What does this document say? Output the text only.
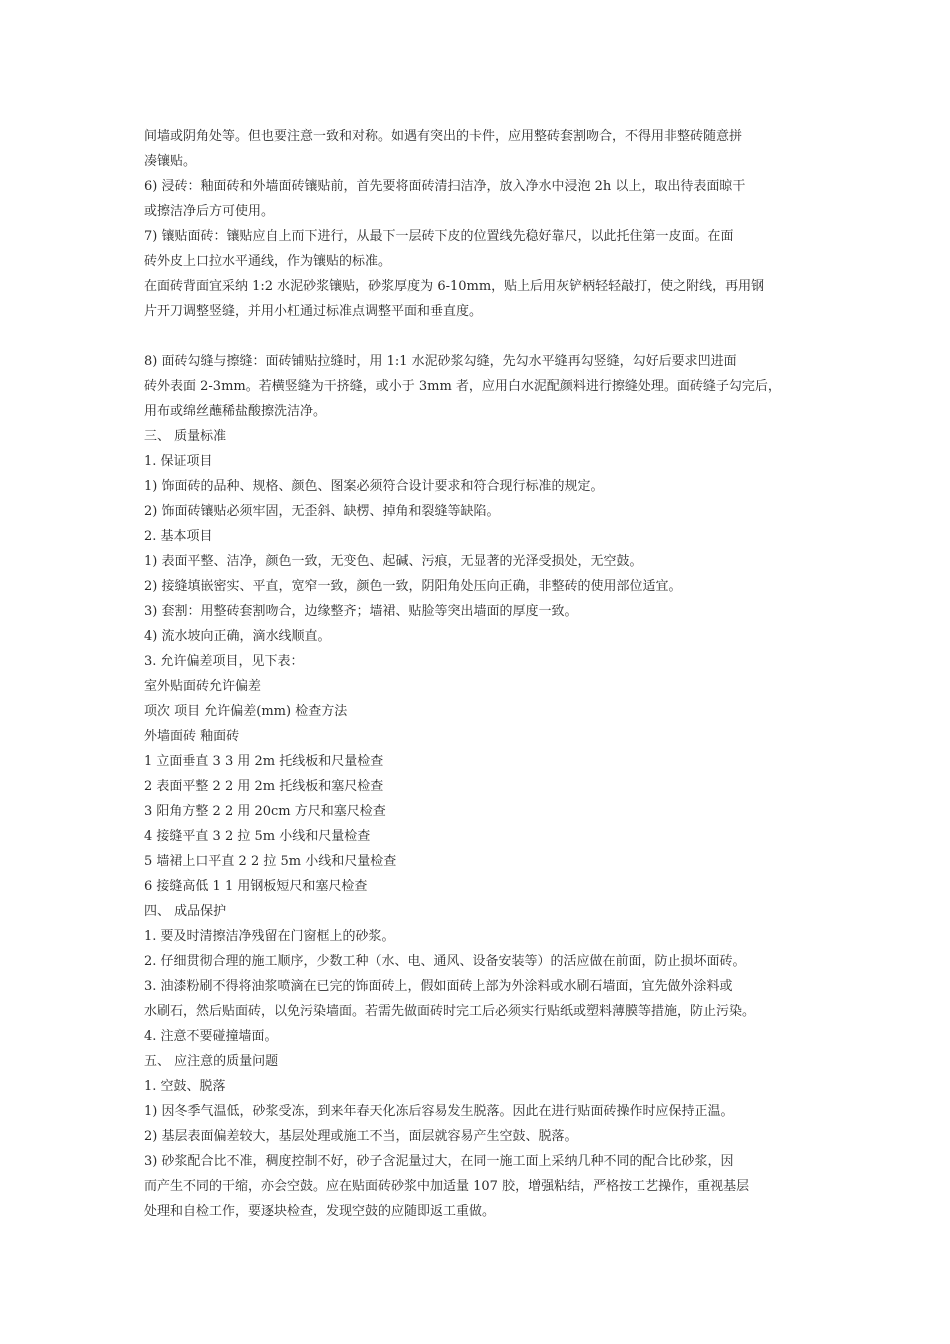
间墙或阴角处等。但也要注意一致和对称。如遇有突出的卡件，应用整砖套割吻合，不得用非整砖随意拼
凑镶贴。
6) 浸砖：釉面砖和外墙面砖镶贴前，首先要将面砖清扫洁净，放入净水中浸泡 2h 以上，取出待表面晾干
或擦洁净后方可使用。
7) 镶贴面砖：镶贴应自上而下进行，从最下一层砖下皮的位置线先稳好靠尺，以此托住第一皮面。在面
砖外皮上口拉水平通线，作为镶贴的标准。
在面砖背面宜采纳 1:2 水泥砂浆镶贴，砂浆厚度为 6-10mm，贴上后用灰铲柄轻轻敲打，使之附线，再用钢
片开刀调整竖缝，并用小杠通过标准点调整平面和垂直度。
8) 面砖勾缝与擦缝：面砖铺贴拉缝时，用 1:1 水泥砂浆勾缝，先勾水平缝再勾竖缝，勾好后要求凹进面
砖外表面 2-3mm。若横竖缝为干挤缝，或小于 3mm 者，应用白水泥配颜料进行擦缝处理。面砖缝子勾完后，
用布或绵丝蘸稀盐酸擦洗洁净。
三、 质量标准
1. 保证项目
1) 饰面砖的品种、规格、颜色、图案必须符合设计要求和符合现行标准的规定。
2) 饰面砖镶贴必须牢固，无歪斜、缺楞、掉角和裂缝等缺陷。
2. 基本项目
1) 表面平整、洁净，颜色一致，无变色、起碱、污痕，无显著的光泽受损处，无空鼓。
2) 接缝填嵌密实、平直，宽窄一致，颜色一致，阴阳角处压向正确，非整砖的使用部位适宜。
3) 套割：用整砖套割吻合，边缘整齐；墙裙、贴脸等突出墙面的厚度一致。
4) 流水坡向正确，滴水线顺直。
3. 允许偏差项目，见下表：
室外贴面砖允许偏差
项次 项目 允许偏差(mm) 检查方法
外墙面砖 釉面砖
1 立面垂直 3 3 用 2m 托线板和尺量检查
2 表面平整 2 2 用 2m 托线板和塞尺检查
3 阳角方整 2 2 用 20cm 方尺和塞尺检查
4 接缝平直 3 2 拉 5m 小线和尺量检查
5 墙裙上口平直 2 2 拉 5m 小线和尺量检查
6 接缝高低 1 1 用钢板短尺和塞尺检查
四、 成品保护
1. 要及时清擦洁净残留在门窗框上的砂浆。
2. 仔细贯彻合理的施工顺序，少数工种（水、电、通风、设备安装等）的活应做在前面，防止损坏面砖。
3. 油漆粉刷不得将油浆喷滴在已完的饰面砖上，假如面砖上部为外涂料或水刷石墙面，宜先做外涂料或
水刷石，然后贴面砖，以免污染墙面。若需先做面砖时完工后必须实行贴纸或塑料薄膜等措施，防止污染。
4. 注意不要碰撞墙面。
五、 应注意的质量问题
1. 空鼓、脱落
1) 因冬季气温低，砂浆受冻，到来年春天化冻后容易发生脱落。因此在进行贴面砖操作时应保持正温。
2) 基层表面偏差较大，基层处理或施工不当，面层就容易产生空鼓、脱落。
3) 砂浆配合比不准，稠度控制不好，砂子含泥量过大，在同一施工面上采纳几种不同的配合比砂浆，因
而产生不同的干缩，亦会空鼓。应在贴面砖砂浆中加适量 107 胶，增强粘结，严格按工艺操作，重视基层
处理和自检工作，要逐块检查，发现空鼓的应随即返工重做。
